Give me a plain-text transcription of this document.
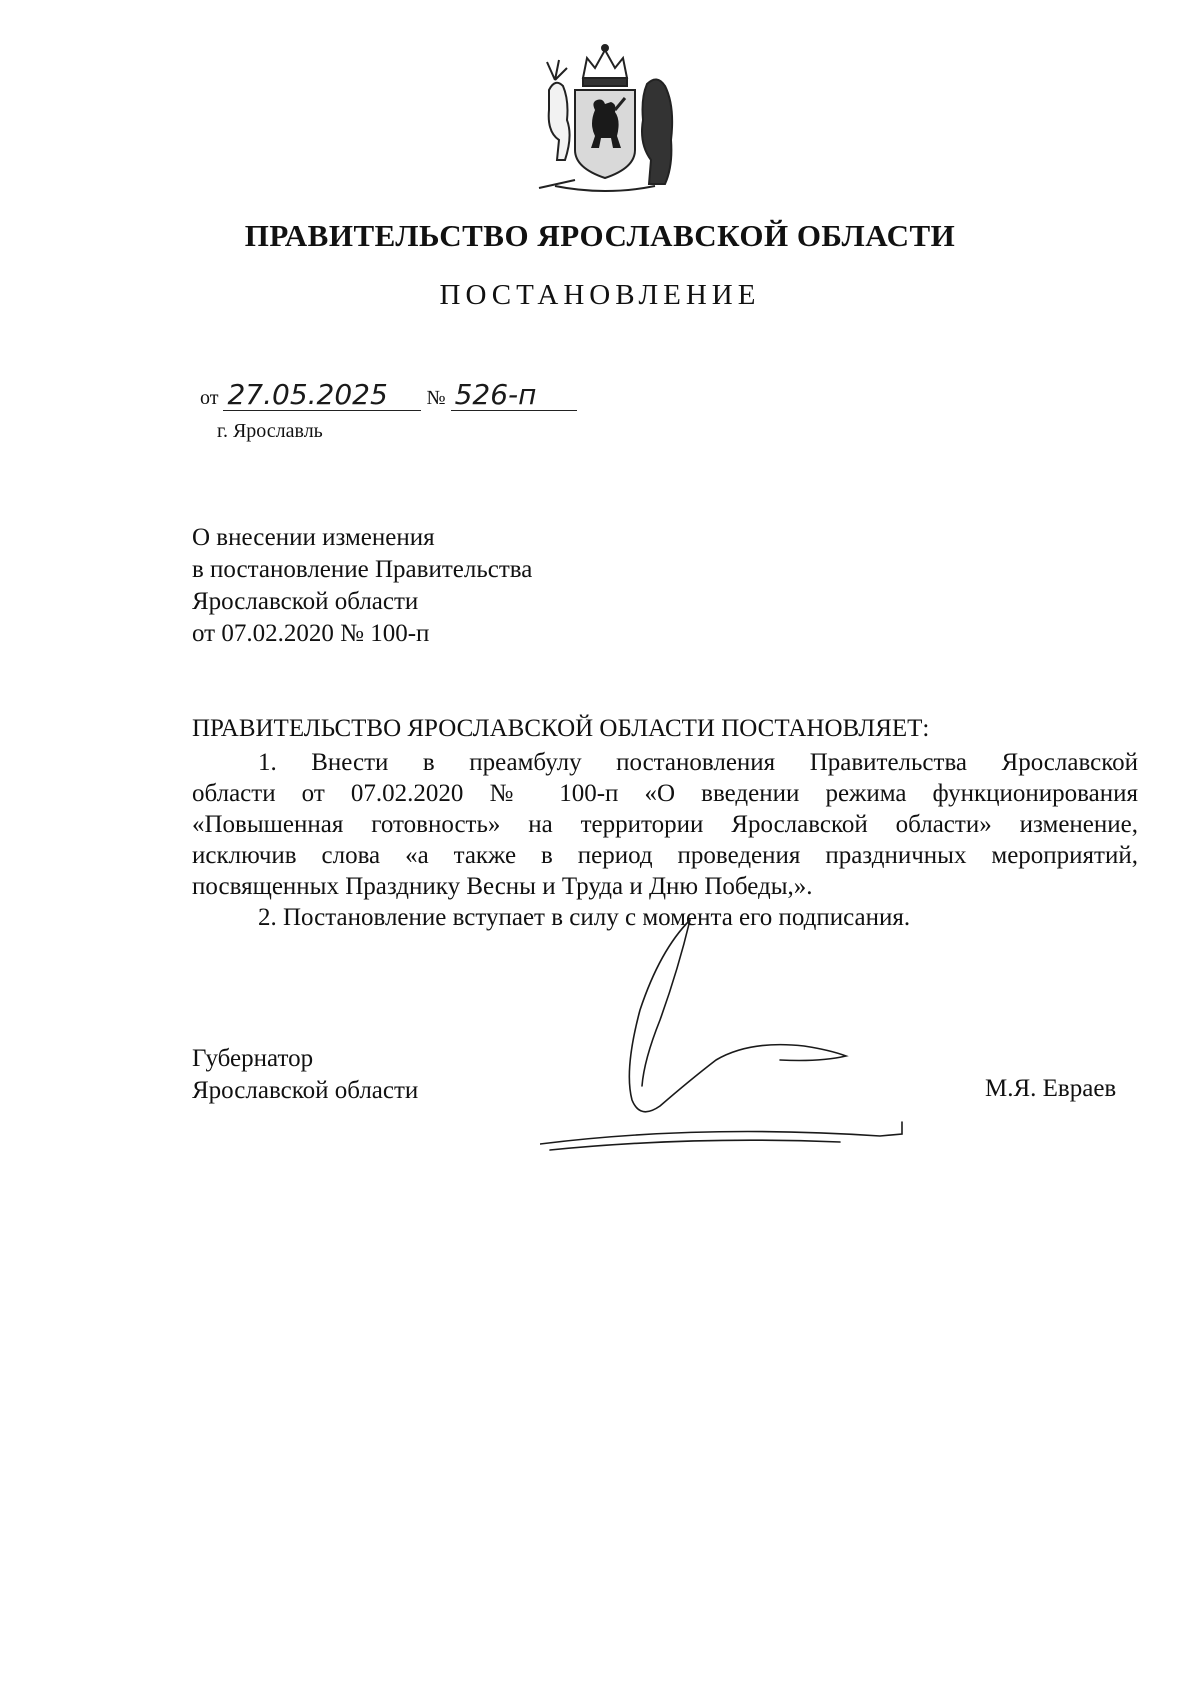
ПРАВИТЕЛЬСТВО ЯРОСЛАВСКОЙ ОБЛАСТИ
ПОСТАНОВЛЕНИЕ
от 27.05.2025 № 526-п
г. Ярославль
О внесении изменения
в постановление Правительства
Ярославской области
от 07.02.2020 № 100-п
ПРАВИТЕЛЬСТВО ЯРОСЛАВСКОЙ ОБЛАСТИ ПОСТАНОВЛЯЕТ:

1. Внести в преамбулу постановления Правительства Ярославской

области от 07.02.2020 № 100-п «О введении режима функционирования

«Повышенная готовность» на территории Ярославской области» изменение,

исключив слова «а также в период проведения праздничных мероприятий,

посвященных Празднику Весны и Труда и Дню Победы,».

2. Постановление вступает в силу с момента его подписания.

Губернатор
Ярославской области	М.Я. Евраев
